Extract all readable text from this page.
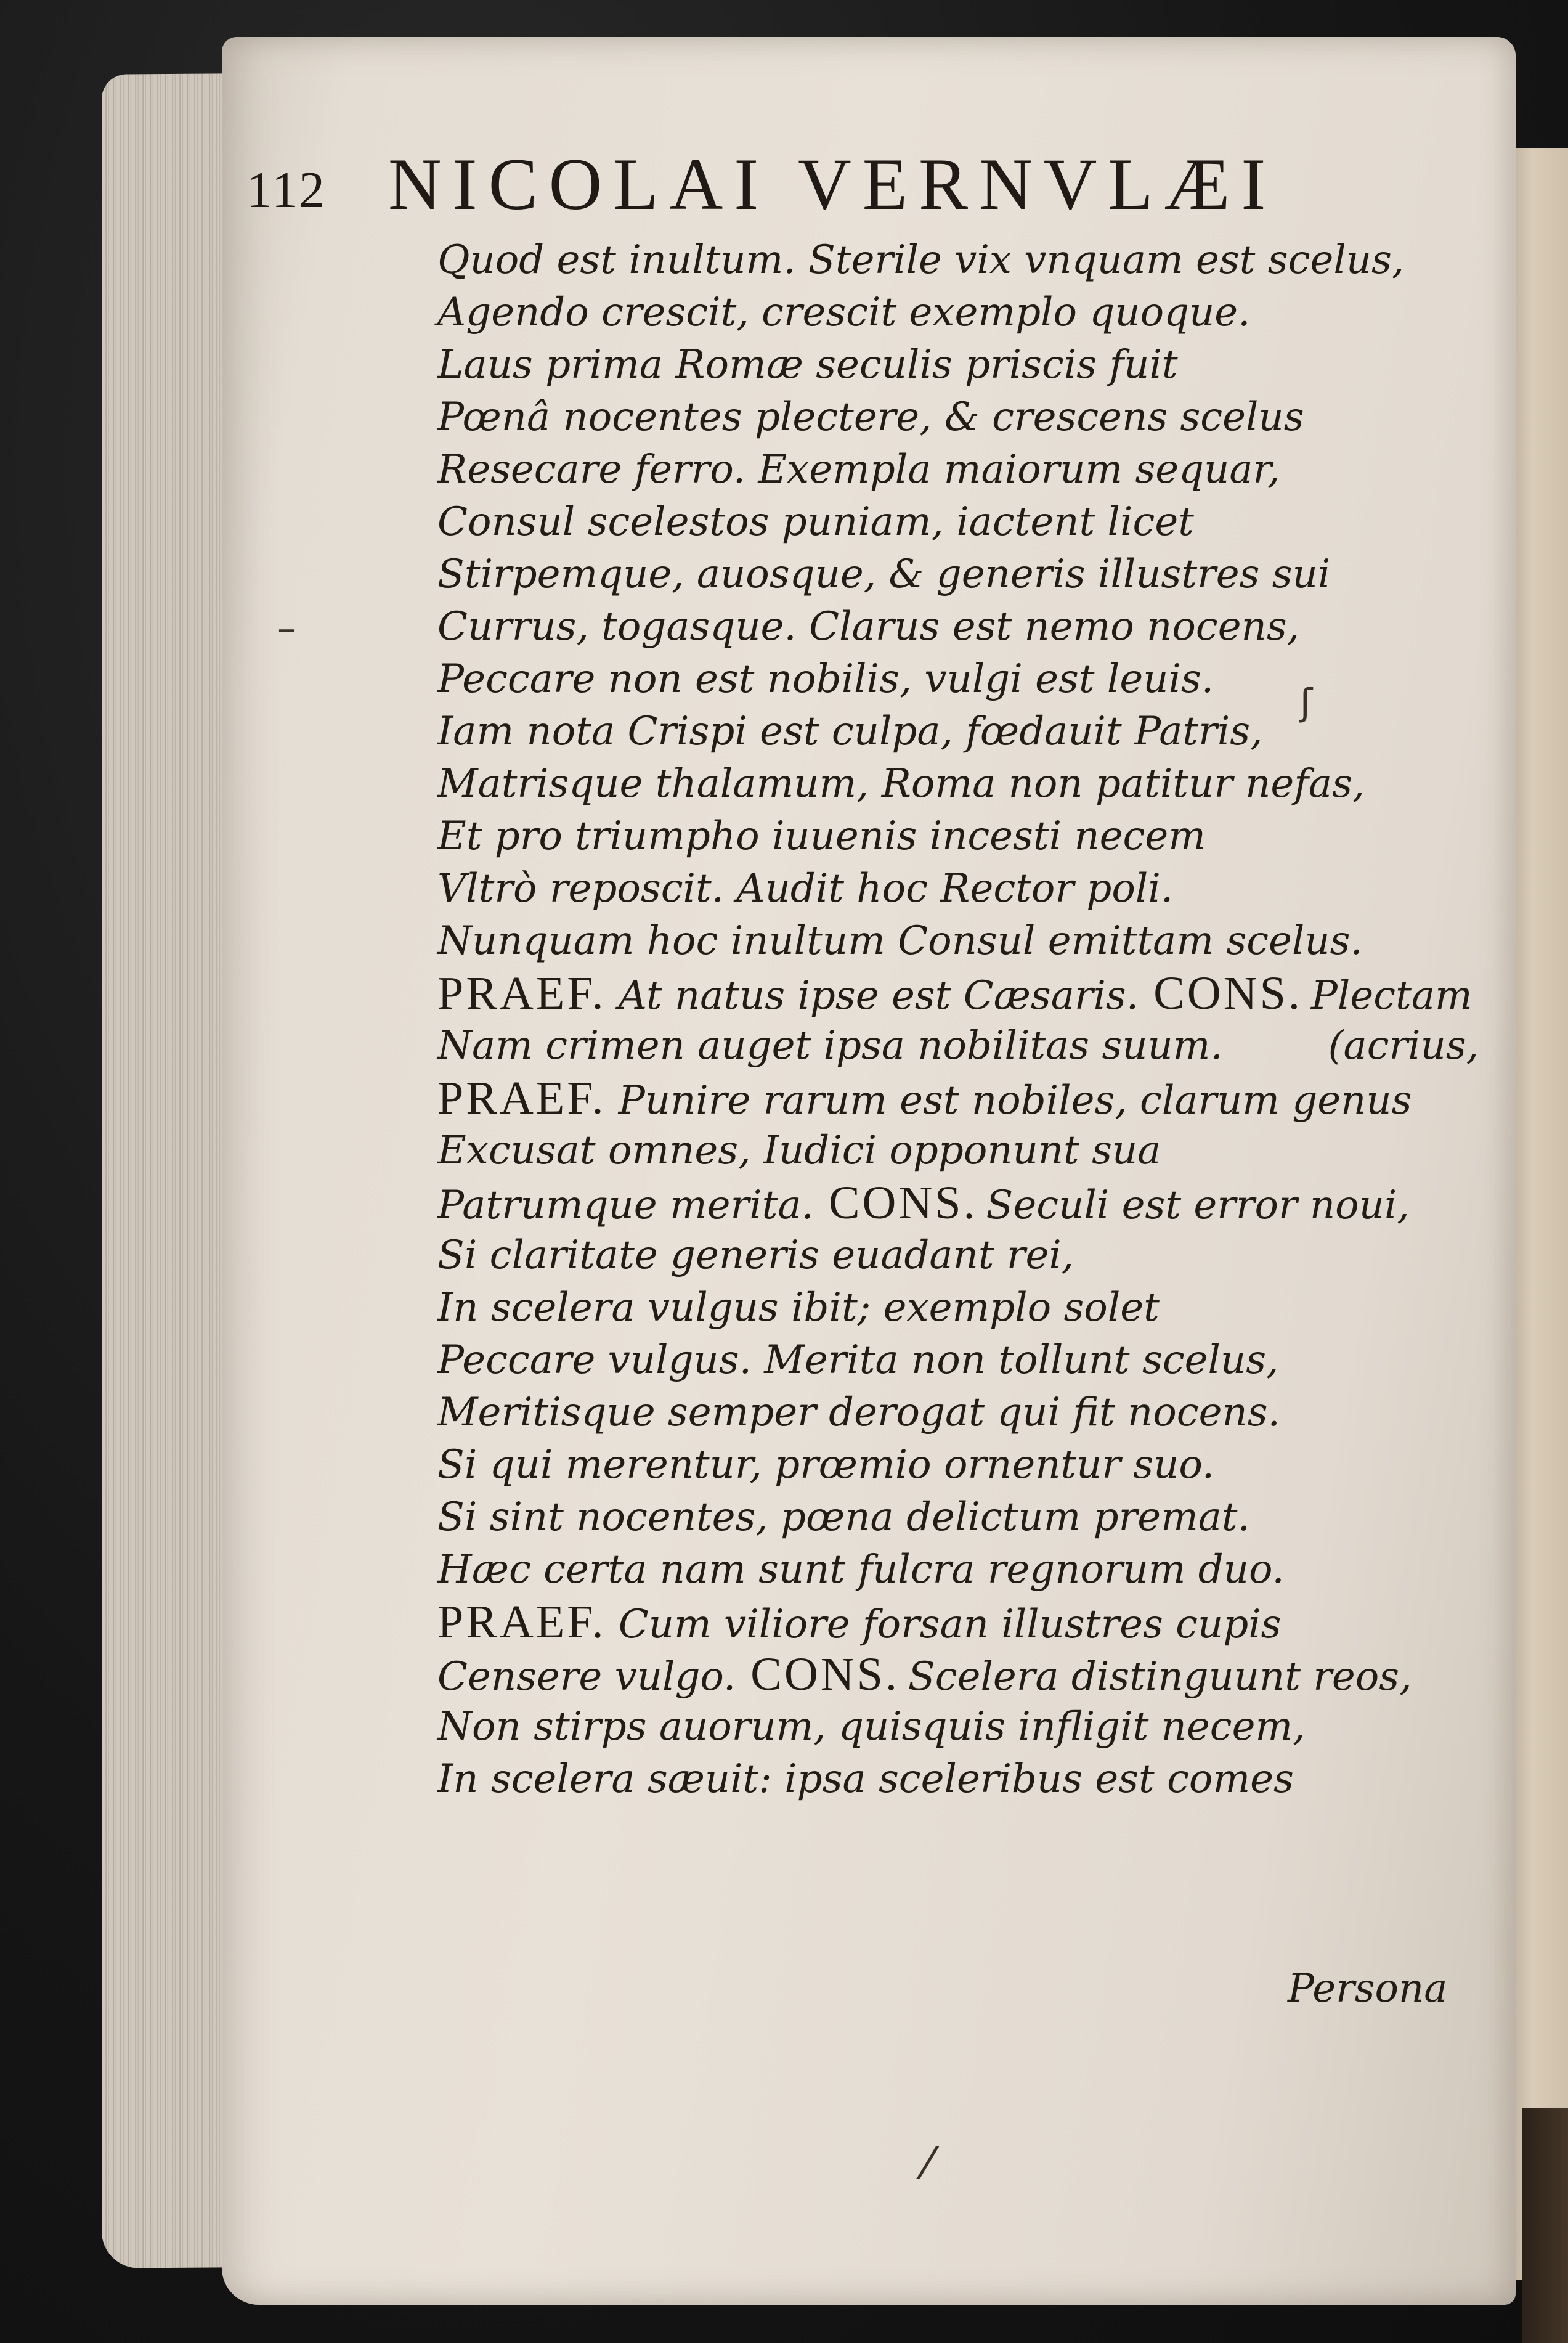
112 NICOLAI VERNVLÆI
Quod est inultum. Sterile vix vnquam est scelus,
Agendo crescit, crescit exemplo quoque.
Laus prima Romæ seculis priscis fuit
Pœnâ nocentes plectere, & crescens scelus
Resecare ferro. Exempla maiorum sequar,
Consul scelestos puniam, iactent licet
Stirpemque, auosque, & generis illustres sui
Currus, togasque. Clarus est nemo nocens,
Peccare non est nobilis, vulgi est leuis.
Iam nota Crispi est culpa, fœdauit Patris,
Matrisque thalamum, Roma non patitur nefas,
Et pro triumpho iuuenis incesti necem
Vltrò reposcit. Audit hoc Rector poli.
Nunquam hoc inultum Consul emittam scelus.
PRAEF. At natus ipse est Cæsaris. CONS. Plectam
Nam crimen auget ipsa nobilitas suum.	(acrius,
PRAEF. Punire rarum est nobiles, clarum genus
Excusat omnes, Iudici opponunt sua
Patrumque merita. CONS. Seculi est error noui,
Si claritate generis euadant rei,
In scelera vulgus ibit; exemplo solet
Peccare vulgus. Merita non tollunt scelus,
Meritisque semper derogat qui fit nocens.
Si qui merentur, prœmio ornentur suo.
Si sint nocentes, pœna delictum premat.
Hæc certa nam sunt fulcra regnorum duo.
PRAEF. Cum viliore forsan illustres cupis
Censere vulgo. CONS. Scelera distinguunt reos,
Non stirps auorum, quisquis infligit necem,
In scelera sæuit: ipsa sceleribus est comes
Persona
–
ʃ
⁄
